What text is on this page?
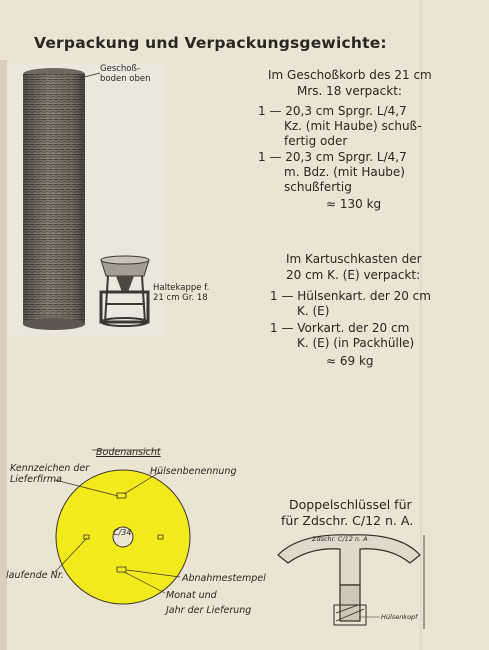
Verpackung und Verpackungsgewichte:
Geschoß-
boden oben
Haltekappe f.
21 cm Gr. 18
Im Geschoßkorb des 21 cm
Mrs. 18 verpackt:
1 — 20,3 cm Sprgr. L/4,7
Kz. (mit Haube) schuß-
fertig oder
1 — 20,3 cm Sprgr. L/4,7
m. Bdz. (mit Haube)
schußfertig
≈ 130 kg
Im Kartuschkasten der
20 cm K. (E) verpackt:
1 — Hülsenkart. der 20 cm
K. (E)
1 — Vorkart. der 20 cm
K. (E) (in Packhülle)
≈ 69 kg
Bodenansicht
Kennzeichen der
Lieferfirma
Hülsenbenennung
C/34
laufende Nr.	Abnahmestempel
Monat und
Jahr der Lieferung
Doppelschlüssel für
für Zdschr. C/12 n. A.
Zdschr. C/12 n. A
Hülsenkopf
